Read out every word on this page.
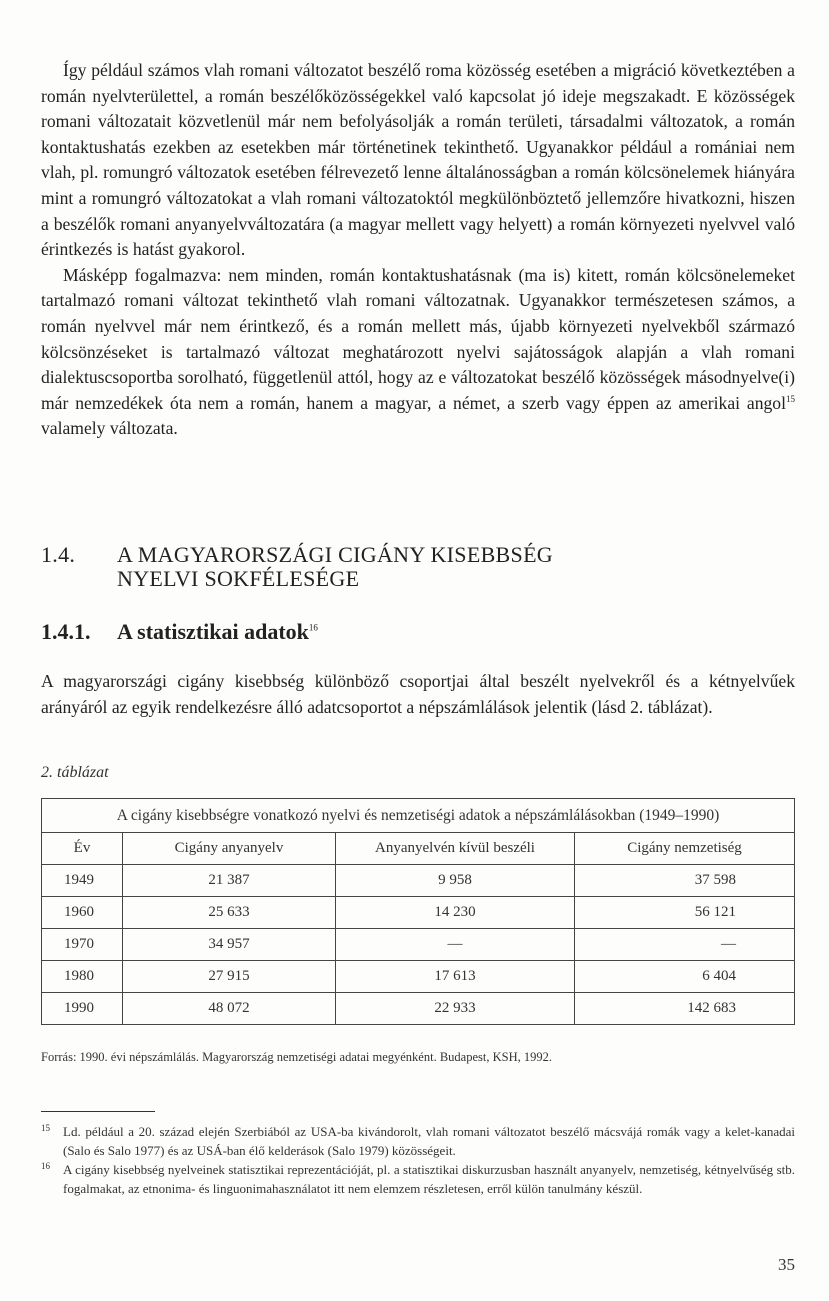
Így például számos vlah romani változatot beszélő roma közösség esetében a migráció következtében a román nyelvterülettel, a román beszélőközösségekkel való kapcsolat jó ideje megszakadt. E közösségek romani változatait közvetlenül már nem befolyásolják a román területi, társadalmi változatok, a román kontaktushatás ezekben az esetekben már történetinek tekinthető. Ugyanakkor például a romániai nem vlah, pl. romungró változatok esetében félrevezető lenne általánosságban a román kölcsönelemek hiányára mint a romungró változatokat a vlah romani változatoktól megkülönböztető jellemzőre hivatkozni, hiszen a beszélők romani anyanyelvváltozatára (a magyar mellett vagy helyett) a román környezeti nyelvvel való érintkezés is hatást gyakorol.

Másképp fogalmazva: nem minden, román kontaktushatásnak (ma is) kitett, román kölcsönelemeket tartalmazó romani változat tekinthető vlah romani változatnak. Ugyanakkor természetesen számos, a román nyelvvel már nem érintkező, és a román mellett más, újabb környezeti nyelvekből származó kölcsönzéseket is tartalmazó változat meghatározott nyelvi sajátosságok alapján a vlah romani dialektuscsoportba sorolható, függetlenül attól, hogy az e változatokat beszélő közösségek másodnyelve(i) már nemzedékek óta nem a román, hanem a magyar, a német, a szerb vagy éppen az amerikai angol$^{15}$ valamely változata.

1.4. A MAGYARORSZÁGI CIGÁNY KISEBBSÉG
NYELVI SOKFÉLESÉGE
1.4.1. A statisztikai adatok$^{16}$

A magyarországi cigány kisebbség különböző csoportjai által beszélt nyelvekről és a kétnyelvűek arányáról az egyik rendelkezésre álló adatcsoportot a népszámlálások jelentik (lásd 2. táblázat).

2. táblázat
A cigány kisebbségre vonatkozó nyelvi és nemzetiségi adatok a népszámlálásokban (1949–1990)			
Év	Cigány anyanyelv	Anyanyelvén kívül beszéli	Cigány nemzetiség
1949	21 387	9 958	37 598
1960	25 633	14 230	56 121
1970	34 957	—	—
1980	27 915	17 613	6 404
1990	48 072	22 933	142 683
Forrás: 1990. évi népszámlálás. Magyarország nemzetiségi adatai megyénként. Budapest, KSH, 1992.

15 Ld. például a 20. század elején Szerbiából az USA-ba kivándorolt, vlah romani változatot beszélő mácsvájá romák vagy a kelet-kanadai (Salo és Salo 1977) és az USÁ-ban élő kelderások (Salo 1979) közösségeit.

16 A cigány kisebbség nyelveinek statisztikai reprezentációját, pl. a statisztikai diskurzusban használt anyanyelv, nemzetiség, kétnyelvűség stb. fogalmakat, az etnonima- és linguonimahasználatot itt nem elemzem részletesen, erről külön tanulmány készül.

35
